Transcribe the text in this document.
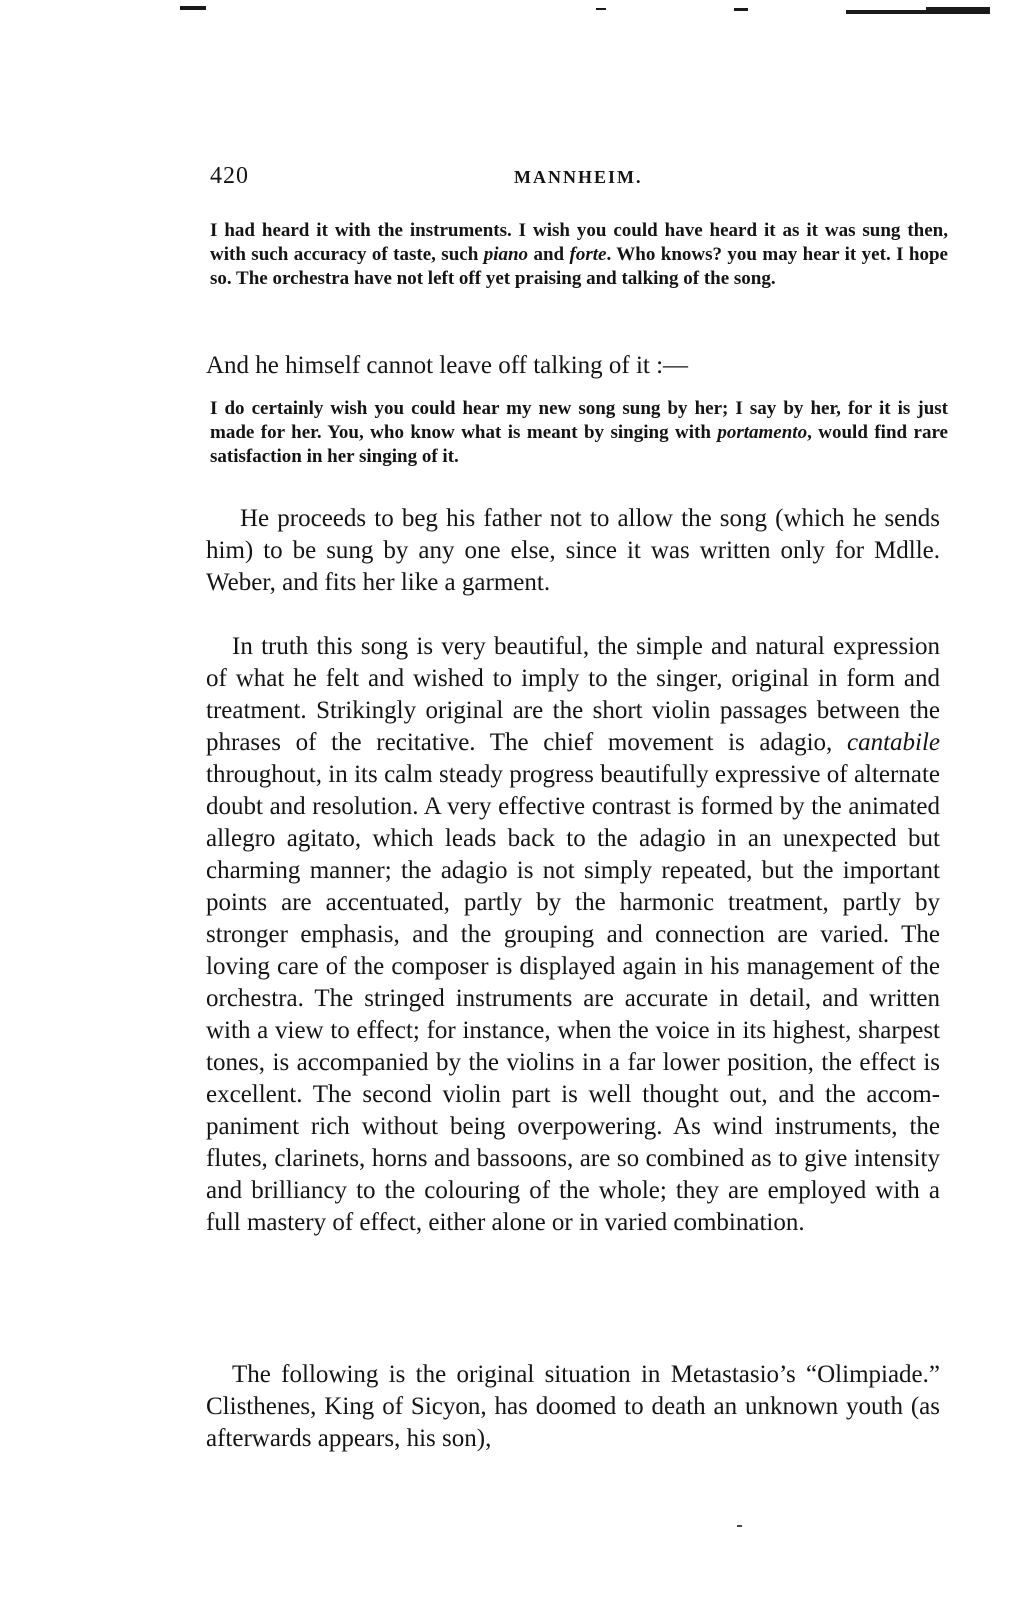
420	MANNHEIM.
I had heard it with the instruments. I wish you could have heard it as it was sung then, with such accuracy of taste, such piano and forte. Who knows? you may hear it yet. I hope so. The orchestra have not left off yet praising and talking of the song.

And he himself cannot leave off talking of it :—

I do certainly wish you could hear my new song sung by her; I say by her, for it is just made for her. You, who know what is meant by singing with portamento, would find rare satisfaction in her singing of it.

He proceeds to beg his father not to allow the song (which he sends him) to be sung by any one else, since it was written only for Mdlle. Weber, and fits her like a garment.

In truth this song is very beautiful, the simple and natural expression of what he felt and wished to imply to the singer, original in form and treatment. Strikingly original are the short violin passages between the phrases of the recitative. The chief movement is adagio, cantabile throughout, in its calm steady progress beautifully expressive of alternate doubt and resolution. A very effective contrast is formed by the animated allegro agitato, which leads back to the adagio in an unexpected but charming manner; the adagio is not simply repeated, but the important points are accentuated, partly by the harmonic treatment, partly by stronger emphasis, and the grouping and connection are varied. The loving care of the composer is displayed again in his management of the orchestra. The stringed instruments are accurate in detail, and written with a view to effect; for instance, when the voice in its highest, sharpest tones, is accompanied by the violins in a far lower position, the effect is excellent. The second violin part is well thought out, and the accompaniment rich without being overpowering. As wind instruments, the flutes, clarinets, horns and bassoons, are so combined as to give intensity and brilliancy to the colouring of the whole; they are employed with a full mastery of effect, either alone or in varied combination.

The following is the original situation in Metastasio’s “Olimpiade.” Clisthenes, King of Sicyon, has doomed to death an unknown youth (as afterwards appears, his son),
